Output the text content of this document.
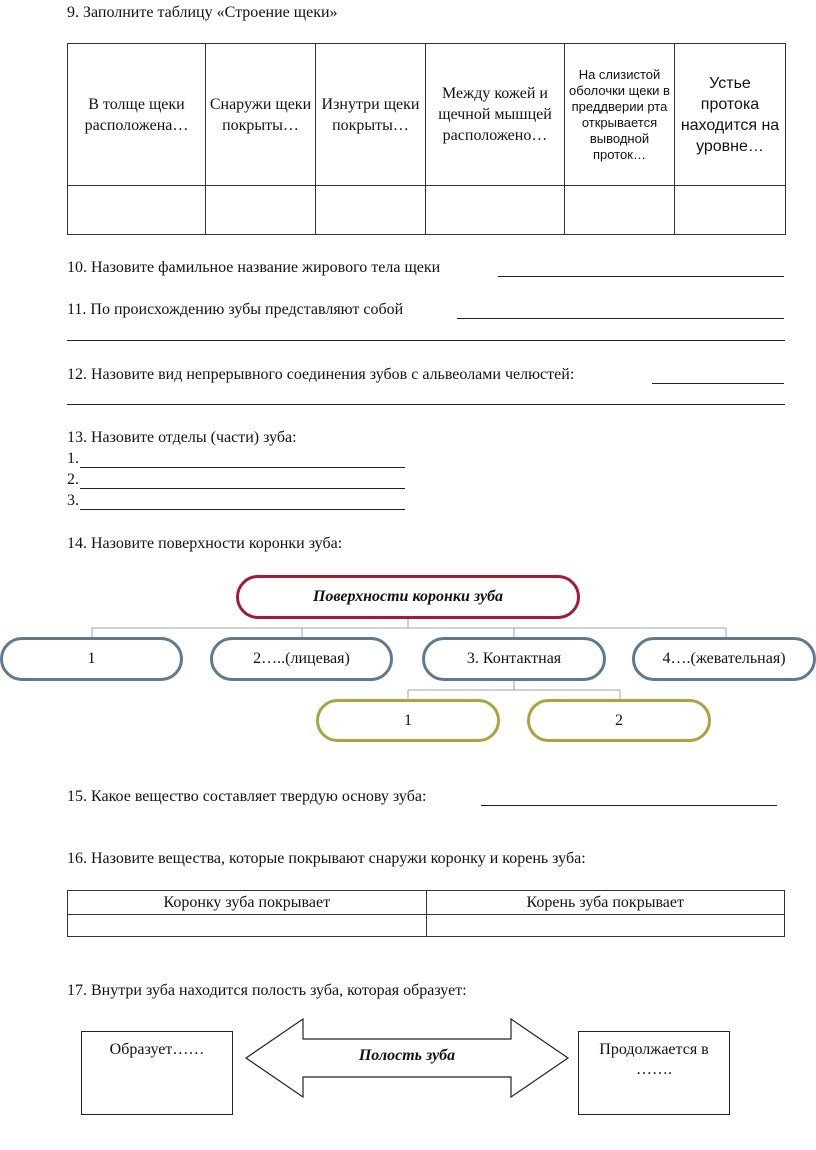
9. Заполните таблицу «Строение щеки»
В толще щеки расположена…	Снаружи щеки покрыты…	Изнутри щеки покрыты…	Между кожей и щечной мышцей расположено…	На слизистой оболочки щеки в преддверии рта открывается выводной проток…	Устье протока находится на уровне…

10. Назовите фамильное название жирового тела щеки
11. По происхождению зубы представляют собой
12. Назовите вид непрерывного соединения зубов с альвеолами челюстей:
13. Назовите отделы (части) зуба:
1.
2.
3.
14. Назовите поверхности коронки зуба:
Поверхности коронки зуба
1	2…..(лицевая)	3. Контактная	4….(жевательная)
1	2
15. Какое вещество составляет твердую основу зуба:
16. Назовите вещества, которые покрывают снаружи коронку и корень зуба:
Коронку зуба покрывает	Корень зуба покрывает

17. Внутри зуба находится полость зуба, которая образует:
Образует……	Полость зуба	Продолжается в …….
